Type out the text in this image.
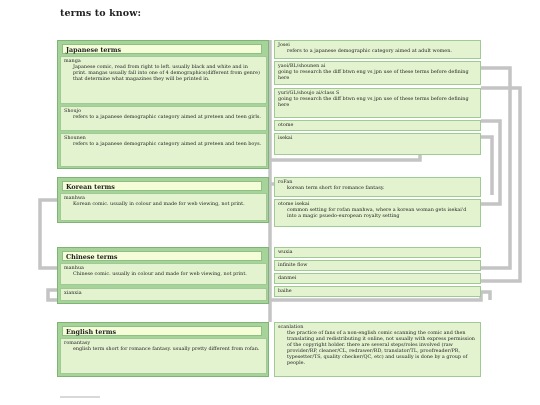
terms to know:
Japanese terms
manga
Japanese comic, read from right to left. usually black and white and in print. mangas usually fall into one of 4 demographics(different from genre) that determine what magazines they will be printed in.
Shoujo
refers to a japanese demographic category aimed at preteen and teen girls.
Shounen
refers to a japanese demographic category aimed at preteen and teen boys.
Korean terms
manhwa
Korean comic. usually in colour and made for web viewing, not print.
Chinese terms
manhua
Chinese comic. usually in colour and made for web viewing, not print.
xianxia
English terms
romantasy
english term short for romance fantasy. usually pretty different from rofan.
Josei
refers to a japanese demographic category aimed at adult women.
yaoi/BL/shounen ai
going to research the diff btwn eng vs jpn use of these terms before defining here
yuri/GL/shoujo ai/class S
going to research the diff btwn eng vs jpn use of these terms before defining here
otome
isekai
roFan
korean term short for romance fantasy.
otome isekai
common setting for rofan manhwa, where a korean woman gets isekai'd into a magic psuedo-european royalty setting
wuxia
infinite flow
danmei
baihe
scanlation
the practice of fans of a non-english comic scanning the comic and then translating and redistributing it online, not usually with express permission of the copyright holder. there are several steps/roles involved (raw provider/RP, cleaner/CL, redrawer/RD, translator/TL, proofreader/PR, typesetter/TS, quality checker/QC, etc) and usually is done by a group of people.
